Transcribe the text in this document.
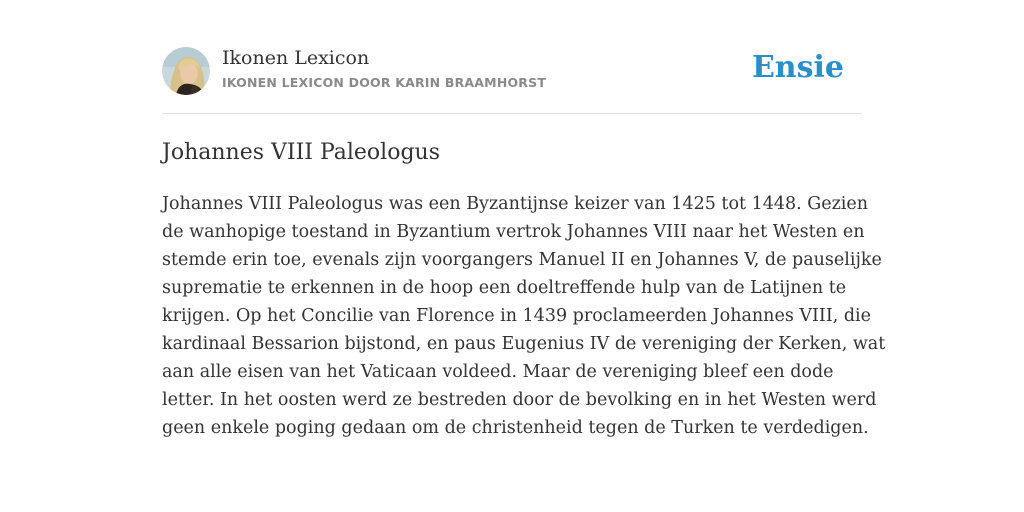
Ikonen Lexicon
IKONEN LEXICON DOOR KARIN BRAAMHORST	Ensie
Johannes VIII Paleologus

Johannes VIII Paleologus was een Byzantijnse keizer van 1425 tot 1448. Gezien
de wanhopige toestand in Byzantium vertrok Johannes VIII naar het Westen en
stemde erin toe, evenals zijn voorgangers Manuel II en Johannes V, de pauselijke
suprematie te erkennen in de hoop een doeltreffende hulp van de Latijnen te
krijgen. Op het Concilie van Florence in 1439 proclameerden Johannes VIII, die
kardinaal Bessarion bijstond, en paus Eugenius IV de vereniging der Kerken, wat
aan alle eisen van het Vaticaan voldeed. Maar de vereniging bleef een dode
letter. In het oosten werd ze bestreden door de bevolking en in het Westen werd
geen enkele poging gedaan om de christenheid tegen de Turken te verdedigen.
